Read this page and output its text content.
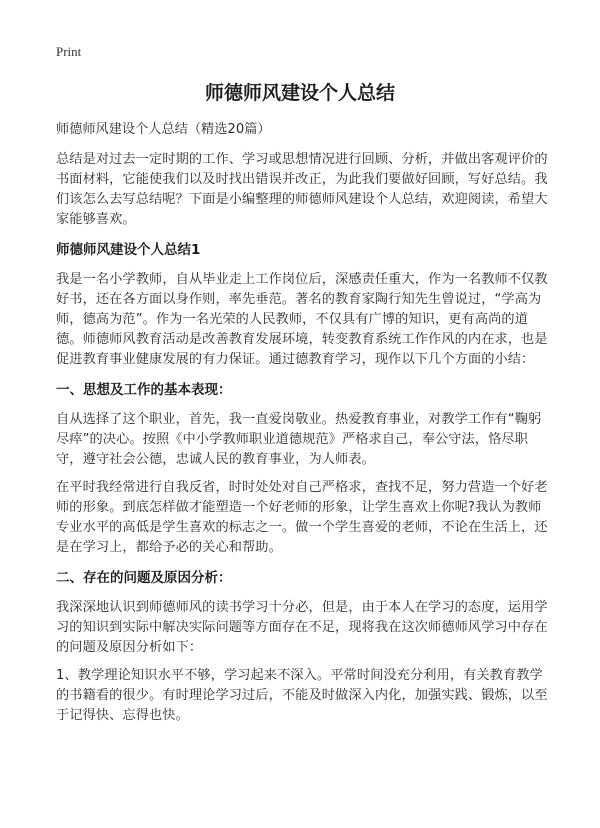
Print
师德师风建设个人总结

师德师风建设个人总结（精选20篇）

总结是对过去一定时期的工作、学习或思想情况进行回顾、分析，并做出客观评价的书面材料，它能使我们以及时找出错误并改正，为此我们要做好回顾，写好总结。我们该怎么去写总结呢？下面是小编整理的师德师风建设个人总结，欢迎阅读，希望大家能够喜欢。

师德师风建设个人总结1

我是一名小学教师，自从毕业走上工作岗位后，深感责任重大，作为一名教师不仅教好书，还在各方面以身作则，率先垂范。著名的教育家陶行知先生曾说过，“学高为师，德高为范”。作为一名光荣的人民教师，不仅具有广博的知识，更有高尚的道德。师德师风教育活动是改善教育发展环境，转变教育系统工作作风的内在求，也是促进教育事业健康发展的有力保证。通过德教育学习，现作以下几个方面的小结：

一、思想及工作的基本表现：

自从选择了这个职业，首先，我一直爱岗敬业。热爱教育事业，对教学工作有“鞠躬尽瘁”的决心。按照《中小学教师职业道德规范》严格求自己，奉公守法，恪尽职守，遵守社会公德，忠诚人民的教育事业，为人师表。

在平时我经常进行自我反省，时时处处对自己严格求，查找不足，努力营造一个好老师的形象。到底怎样做才能塑造一个好老师的形象，让学生喜欢上你呢?我认为教师专业水平的高低是学生喜欢的标志之一。做一个学生喜爱的老师，不论在生活上，还是在学习上，都给予必的关心和帮助。

二、存在的问题及原因分析：

我深深地认识到师德师风的读书学习十分必，但是，由于本人在学习的态度，运用学习的知识到实际中解决实际问题等方面存在不足，现将我在这次师德师风学习中存在的问题及原因分析如下：

1、教学理论知识水平不够，学习起来不深入。平常时间没充分利用，有关教育教学的书籍看的很少。有时理论学习过后，不能及时做深入内化，加强实践、锻炼，以至于记得快、忘得也快。
